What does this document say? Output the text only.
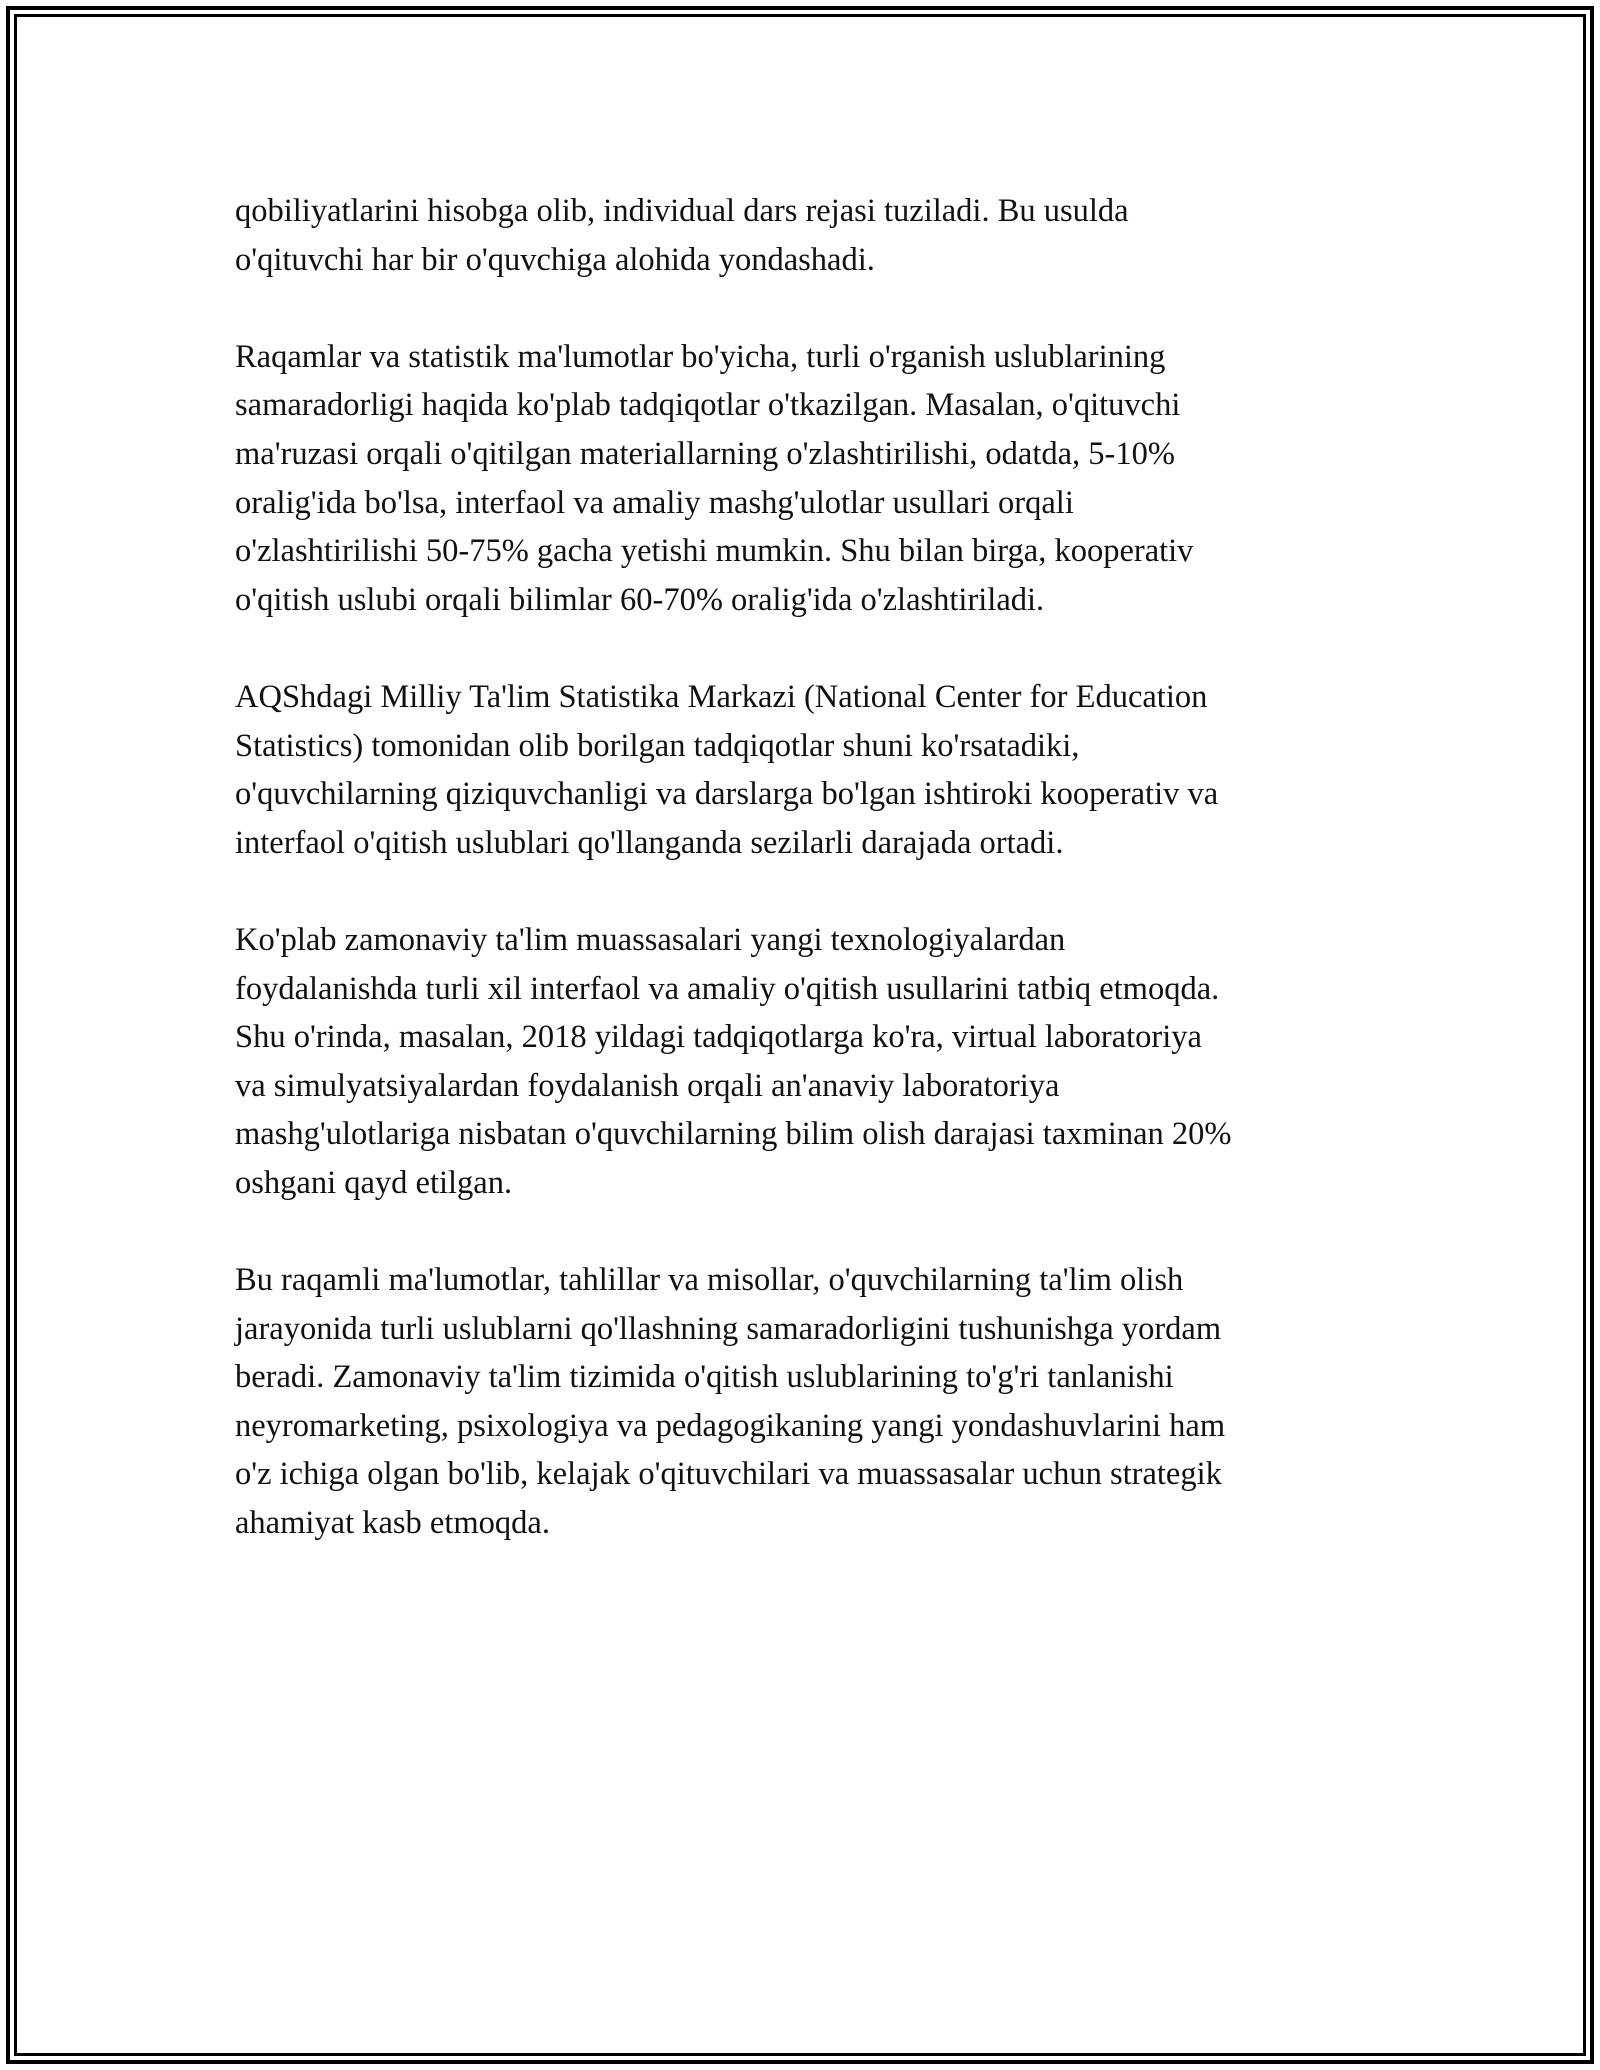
qobiliyatlarini hisobga olib, individual dars rejasi tuziladi. Bu usulda
o'qituvchi har bir o'quvchiga alohida yondashadi.

Raqamlar va statistik ma'lumotlar bo'yicha, turli o'rganish uslublarining
samaradorligi haqida ko'plab tadqiqotlar o'tkazilgan. Masalan, o'qituvchi
ma'ruzasi orqali o'qitilgan materiallarning o'zlashtirilishi, odatda, 5-10%
oralig'ida bo'lsa, interfaol va amaliy mashg'ulotlar usullari orqali
o'zlashtirilishi 50-75% gacha yetishi mumkin. Shu bilan birga, kooperativ
o'qitish uslubi orqali bilimlar 60-70% oralig'ida o'zlashtiriladi.

AQShdagi Milliy Ta'lim Statistika Markazi (National Center for Education
Statistics) tomonidan olib borilgan tadqiqotlar shuni ko'rsatadiki,
o'quvchilarning qiziquvchanligi va darslarga bo'lgan ishtiroki kooperativ va
interfaol o'qitish uslublari qo'llanganda sezilarli darajada ortadi.

Ko'plab zamonaviy ta'lim muassasalari yangi texnologiyalardan
foydalanishda turli xil interfaol va amaliy o'qitish usullarini tatbiq etmoqda.
Shu o'rinda, masalan, 2018 yildagi tadqiqotlarga ko'ra, virtual laboratoriya
va simulyatsiyalardan foydalanish orqali an'anaviy laboratoriya
mashg'ulotlariga nisbatan o'quvchilarning bilim olish darajasi taxminan 20%
oshgani qayd etilgan.

Bu raqamli ma'lumotlar, tahlillar va misollar, o'quvchilarning ta'lim olish
jarayonida turli uslublarni qo'llashning samaradorligini tushunishga yordam
beradi. Zamonaviy ta'lim tizimida o'qitish uslublarining to'g'ri tanlanishi
neyromarketing, psixologiya va pedagogikaning yangi yondashuvlarini ham
o'z ichiga olgan bo'lib, kelajak o'qituvchilari va muassasalar uchun strategik
ahamiyat kasb etmoqda.
